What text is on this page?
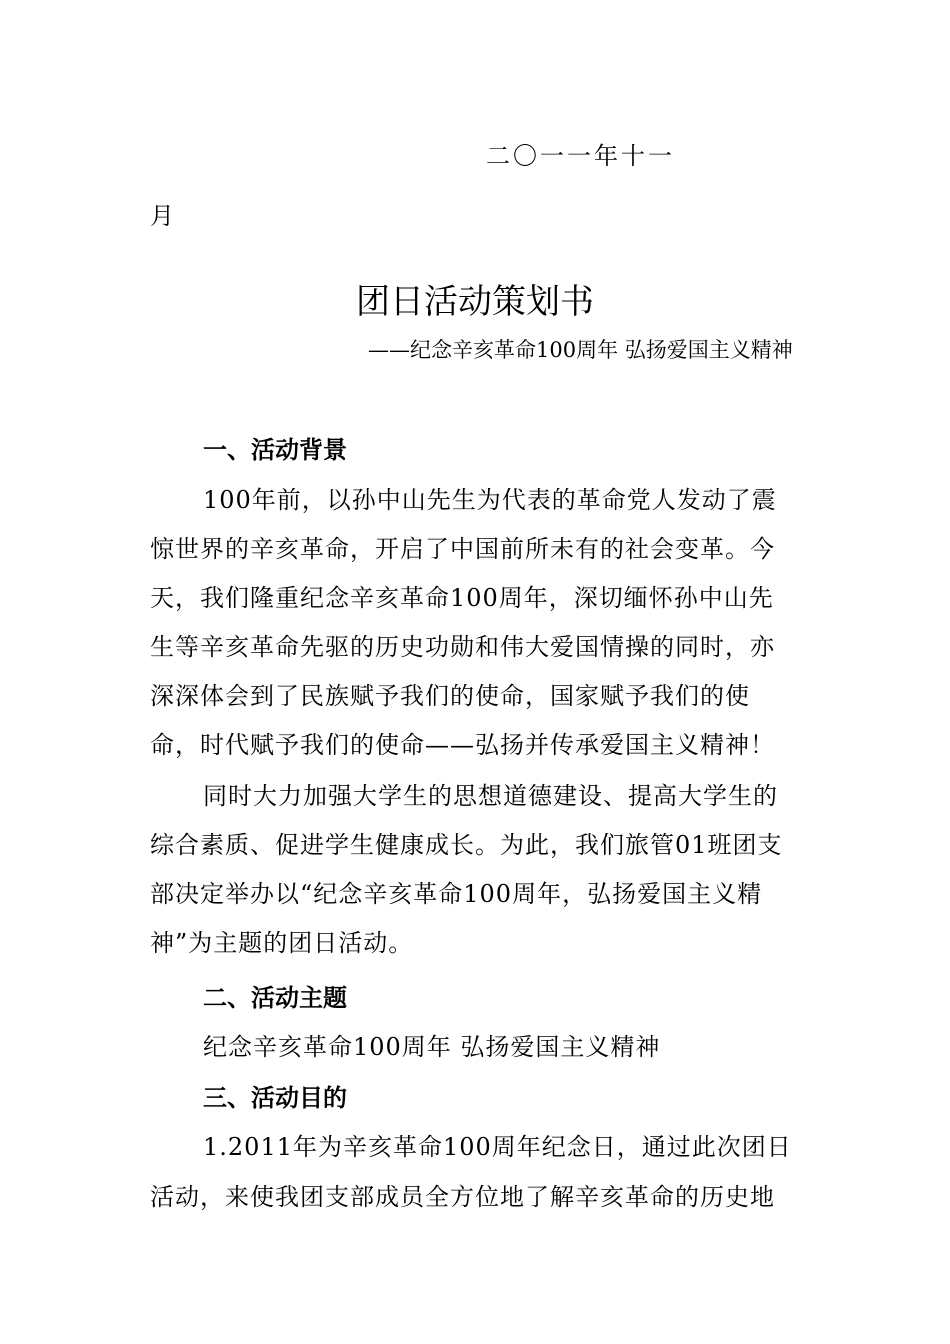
二〇一一年十一
月
团日活动策划书
——纪念辛亥革命100周年 弘扬爱国主义精神
一、活动背景
100年前，以孙中山先生为代表的革命党人发动了震
惊世界的辛亥革命，开启了中国前所未有的社会变革。今
天，我们隆重纪念辛亥革命100周年，深切缅怀孙中山先
生等辛亥革命先驱的历史功勋和伟大爱国情操的同时，亦
深深体会到了民族赋予我们的使命，国家赋予我们的使
命，时代赋予我们的使命——弘扬并传承爱国主义精神！
同时大力加强大学生的思想道德建设、提高大学生的
综合素质、促进学生健康成长。为此，我们旅管01班团支
部决定举办以“纪念辛亥革命100周年，弘扬爱国主义精
神”为主题的团日活动。
二、活动主题
纪念辛亥革命100周年 弘扬爱国主义精神
三、活动目的
1.2011年为辛亥革命100周年纪念日，通过此次团日
活动，来使我团支部成员全方位地了解辛亥革命的历史地
